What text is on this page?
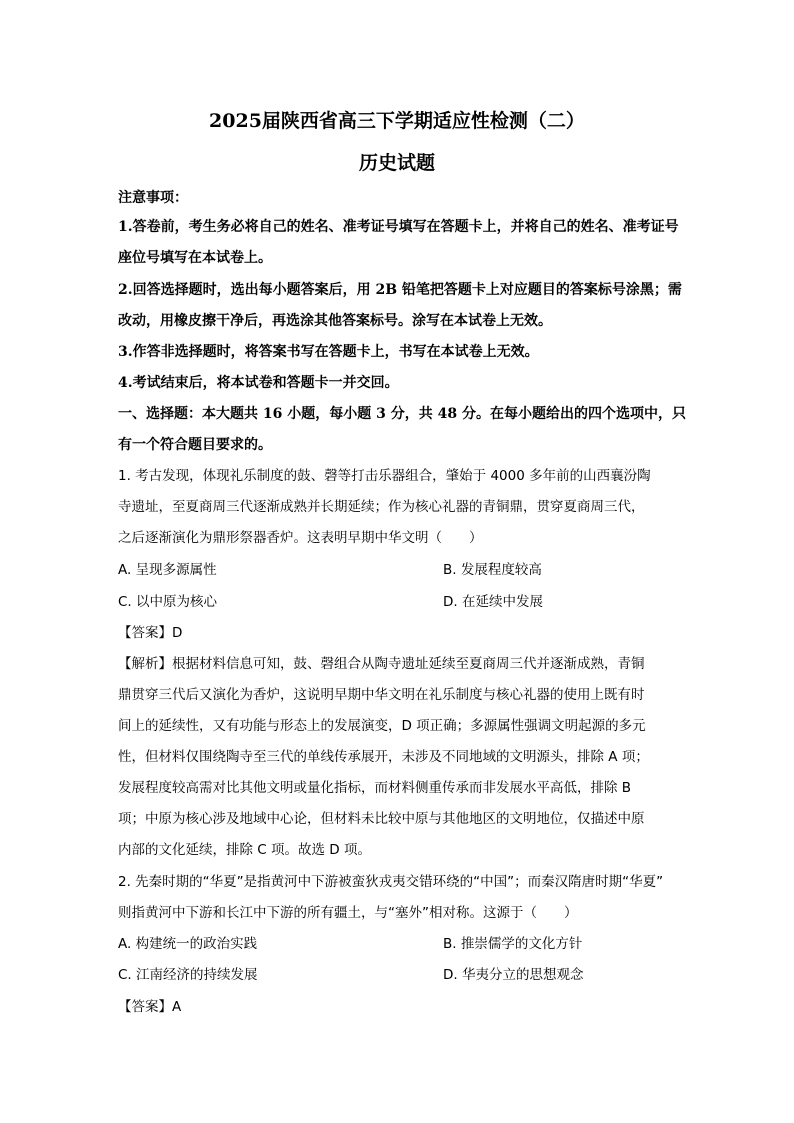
2025届陕西省高三下学期适应性检测（二）
历史试题
注意事项：
1.答卷前，考生务必将自己的姓名、准考证号填写在答题卡上，并将自己的姓名、准考证号
座位号填写在本试卷上。
2.回答选择题时，选出每小题答案后，用 2B 铅笔把答题卡上对应题目的答案标号涂黑；需
改动，用橡皮擦干净后，再选涂其他答案标号。涂写在本试卷上无效。
3.作答非选择题时，将答案书写在答题卡上，书写在本试卷上无效。
4.考试结束后，将本试卷和答题卡一并交回。
一、选择题：本大题共 16 小题，每小题 3 分，共 48 分。在每小题给出的四个选项中，只
有一个符合题目要求的。
1. 考古发现，体现礼乐制度的鼓、磬等打击乐器组合，肇始于 4000 多年前的山西襄汾陶
寺遗址，至夏商周三代逐渐成熟并长期延续；作为核心礼器的青铜鼎，贯穿夏商周三代，
之后逐渐演化为鼎形祭器香炉。这表明早期中华文明（　　）
A. 呈现多源属性	B. 发展程度较高
C. 以中原为核心	D. 在延续中发展
【答案】D
【解析】根据材料信息可知，鼓、磬组合从陶寺遗址延续至夏商周三代并逐渐成熟，青铜
鼎贯穿三代后又演化为香炉，这说明早期中华文明在礼乐制度与核心礼器的使用上既有时
间上的延续性，又有功能与形态上的发展演变，D 项正确；多源属性强调文明起源的多元
性，但材料仅围绕陶寺至三代的单线传承展开，未涉及不同地域的文明源头，排除 A 项；
发展程度较高需对比其他文明或量化指标，而材料侧重传承而非发展水平高低，排除 B
项；中原为核心涉及地域中心论，但材料未比较中原与其他地区的文明地位，仅描述中原
内部的文化延续，排除 C 项。故选 D 项。
2. 先秦时期的“华夏”是指黄河中下游被蛮狄戎夷交错环绕的“中国”；而秦汉隋唐时期“华夏”
则指黄河中下游和长江中下游的所有疆土，与“塞外”相对称。这源于（　　）
A. 构建统一的政治实践	B. 推崇儒学的文化方针
C. 江南经济的持续发展	D. 华夷分立的思想观念
【答案】A
